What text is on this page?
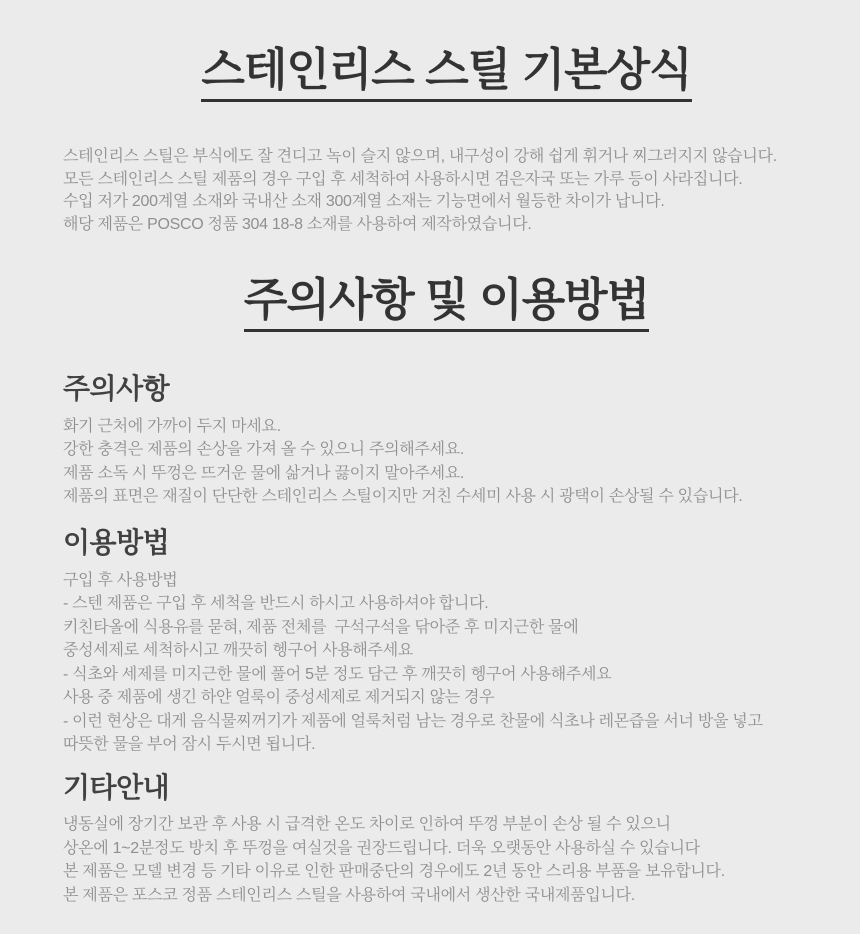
스테인리스 스틸 기본상식
스테인리스 스틸은 부식에도 잘 견디고 녹이 슬지 않으며, 내구성이 강해 쉽게 휘거나 찌그러지지 않습니다.
모든 스테인리스 스틸 제품의 경우 구입 후 세척하여 사용하시면 검은자국 또는 가루 등이 사라집니다.
수입 저가 200계열 소재와 국내산 소재 300계열 소재는 기능면에서 월등한 차이가 납니다.
해당 제품은 POSCO 정품 304 18-8 소재를 사용하여 제작하였습니다.
주의사항 및 이용방법
주의사항
화기 근처에 가까이 두지 마세요.
강한 충격은 제품의 손상을 가져 올 수 있으니 주의해주세요.
제품 소독 시 뚜껑은 뜨거운 물에 삶거나 끓이지 말아주세요.
제품의 표면은 재질이 단단한 스테인리스 스틸이지만 거친 수세미 사용 시 광택이 손상될 수 있습니다.
이용방법
구입 후 사용방법
- 스텐 제품은 구입 후 세척을 반드시 하시고 사용하셔야 합니다.
키친타올에 식용유를 묻혀, 제품 전체를  구석구석을 닦아준 후 미지근한 물에
중성세제로 세척하시고 깨끗히 헹구어 사용해주세요
- 식초와 세제를 미지근한 물에 풀어 5분 정도 담근 후 깨끗히 헹구어 사용해주세요
사용 중 제품에 생긴 하얀 얼룩이 중성세제로 제거되지 않는 경우
- 이런 현상은 대게 음식물찌꺼기가 제품에 얼룩처럼 남는 경우로 찬물에 식초나 레몬즙을 서너 방울 넣고
따뜻한 물을 부어 잠시 두시면 됩니다.
기타안내
냉동실에 장기간 보관 후 사용 시 급격한 온도 차이로 인하여 뚜껑 부분이 손상 될 수 있으니
상온에 1~2분정도 방치 후 뚜껑을 여실것을 권장드립니다. 더욱 오랫동안 사용하실 수 있습니다
본 제품은 모델 변경 등 기타 이유로 인한 판매중단의 경우에도 2년 동안 스리용 부품을 보유합니다.
본 제품은 포스코 정품 스테인리스 스틸을 사용하여 국내에서 생산한 국내제품입니다.
